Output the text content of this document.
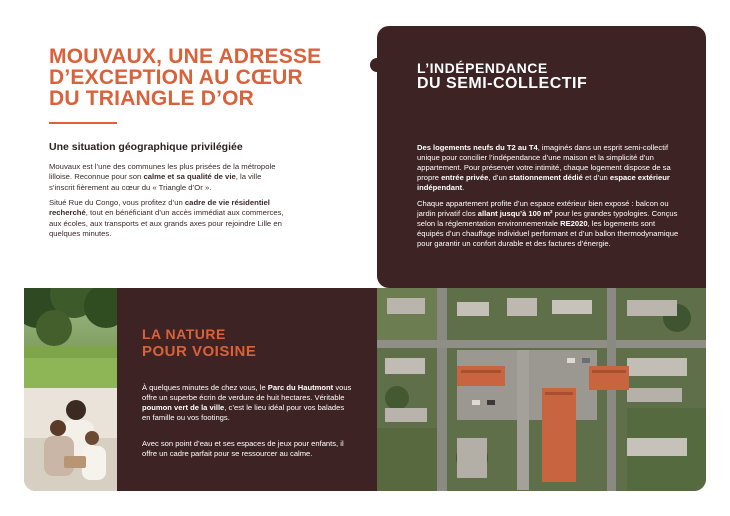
MOUVAUX, UNE ADRESSE
D’EXCEPTION AU CŒUR
DU TRIANGLE D’OR
Une situation géographique privilégiée

Mouvaux est l’une des communes les plus prisées de la métropole lilloise. Reconnue pour son calme et sa qualité de vie, la ville s’inscrit fièrement au cœur du « Triangle d’Or ».

Situé Rue du Congo, vous profitez d’un cadre de vie résidentiel recherché, tout en bénéficiant d’un accès immédiat aux commerces, aux écoles, aux transports et aux grands axes pour rejoindre Lille en quelques minutes.

L’INDÉPENDANCE
DU SEMI-COLLECTIF

Des logements neufs du T2 au T4, imaginés dans un esprit semi-collectif unique pour concilier l’indépendance d’une maison et la simplicité d’un appartement. Pour préserver votre intimité, chaque logement dispose de sa propre entrée privée, d’un stationnement dédié et d’un espace extérieur indépendant.

Chaque appartement profite d’un espace extérieur bien exposé : balcon ou jardin privatif clos allant jusqu’à 100 m² pour les grandes typologies. Conçus selon la réglementation environnementale RE2020, les logements sont équipés d’un chauffage individuel performant et d’un ballon thermodynamique pour garantir un confort durable et des factures d’énergie.

LA NATURE
POUR VOISINE

À quelques minutes de chez vous, le Parc du Hautmont vous offre un superbe écrin de verdure de huit hectares. Véritable poumon vert de la ville, c’est le lieu idéal pour vos balades en famille ou vos footings.

Avec son point d’eau et ses espaces de jeux pour enfants, il offre un cadre parfait pour se ressourcer au calme.
